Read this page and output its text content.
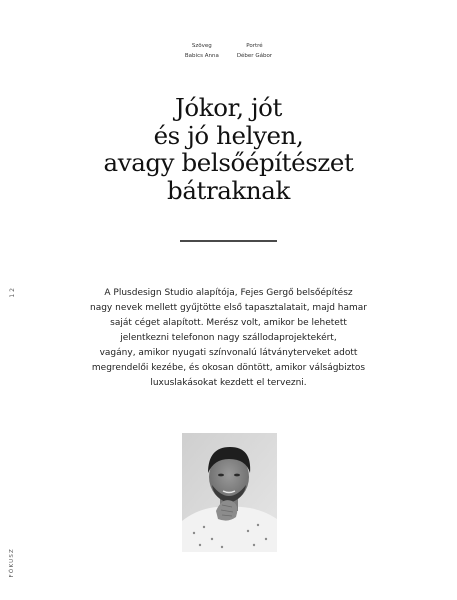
Szöveg
Babics Anna
Portré
Déber Gábor
Jókor, jót
és jó helyen,
avagy belsőépítészet
bátraknak
12
FÓKUSZ
A Plusdesign Studio alapítója, Fejes Gergő belsőépítész
nagy nevek mellett gyűjtötte első tapasztalatait, majd hamar
saját céget alapított. Merész volt, amikor be lehetett
jelentkezni telefonon nagy szállodaprojektekért,
vagány, amikor nyugati színvonalú látványterveket adott
megrendelői kezébe, és okosan döntött, amikor válságbiztos
luxuslakásokat kezdett el tervezni.
